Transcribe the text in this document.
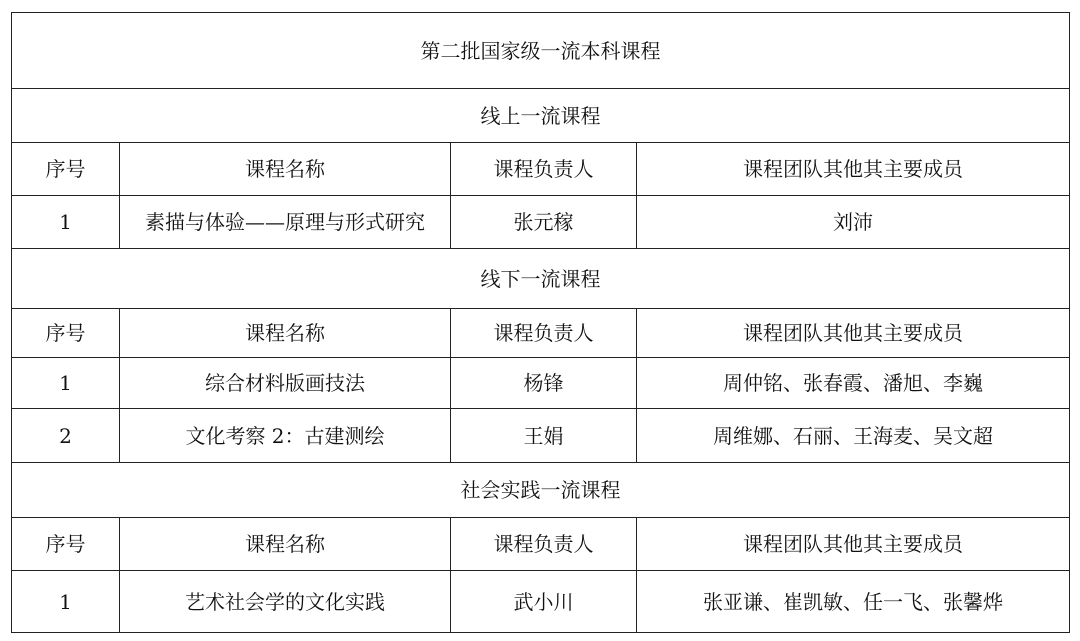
第二批国家级一流本科课程			
线上一流课程			
序号	课程名称	课程负责人	课程团队其他其主要成员
1	素描与体验——原理与形式研究	张元稼	刘沛
线下一流课程			
序号	课程名称	课程负责人	课程团队其他其主要成员
1	综合材料版画技法	杨锋	周仲铭、张春霞、潘旭、李巍
2	文化考察 2：古建测绘	王娟	周维娜、石丽、王海麦、吴文超
社会实践一流课程			
序号	课程名称	课程负责人	课程团队其他其主要成员
1	艺术社会学的文化实践	武小川	张亚谦、崔凯敏、任一飞、张馨烨
